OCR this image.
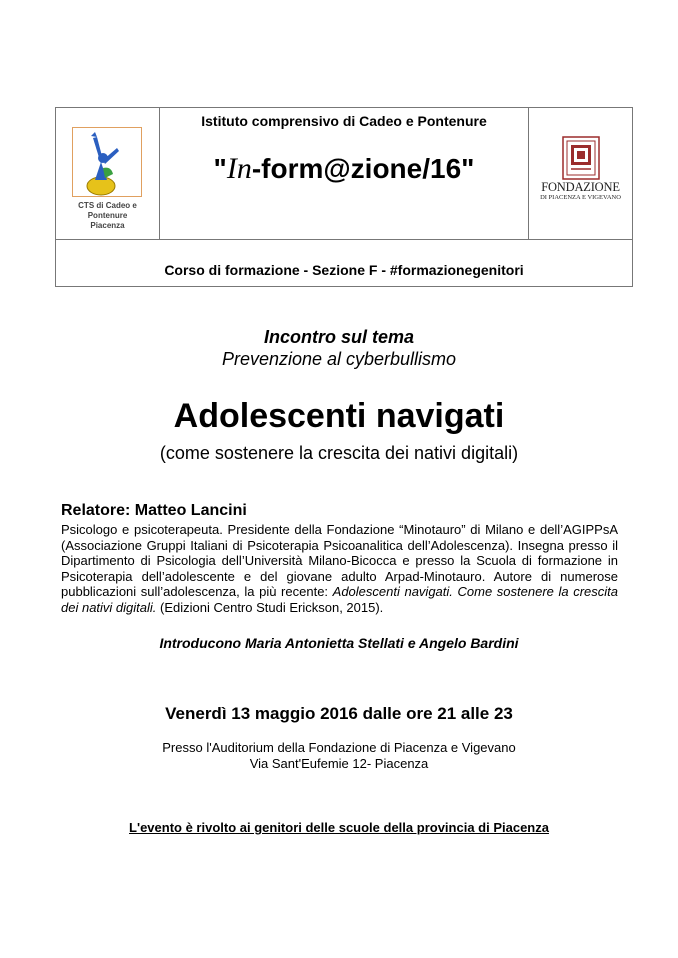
CTS di Cadeo e
Pontenure
Piacenza
Istituto comprensivo di Cadeo e Pontenure
"In-form@zione/16"
FONDAZIONE
DI PIACENZA E VIGEVANO
Corso di formazione - Sezione F - #formazionegenitori
Incontro sul tema
Prevenzione al cyberbullismo
Adolescenti navigati
(come sostenere la crescita dei nativi digitali)
Relatore: Matteo Lancini
Psicologo e psicoterapeuta. Presidente della Fondazione “Minotauro” di Milano e dell’AGIPPsA (Associazione Gruppi Italiani di Psicoterapia Psicoanalitica dell’Adolescenza). Insegna presso il Dipartimento di Psicologia dell’Università Milano-Bicocca e presso la Scuola di formazione in Psicoterapia dell’adolescente e del giovane adulto Arpad-Minotauro. Autore di numerose pubblicazioni sull’adolescenza, la più recente: Adolescenti navigati. Come sostenere la crescita dei nativi digitali. (Edizioni Centro Studi Erickson, 2015).
Introducono Maria Antonietta Stellati e Angelo Bardini
Venerdì 13 maggio 2016 dalle ore 21 alle 23
Presso l'Auditorium della Fondazione di Piacenza e Vigevano
Via Sant'Eufemie 12- Piacenza
L'evento è rivolto ai genitori delle scuole della provincia di Piacenza
